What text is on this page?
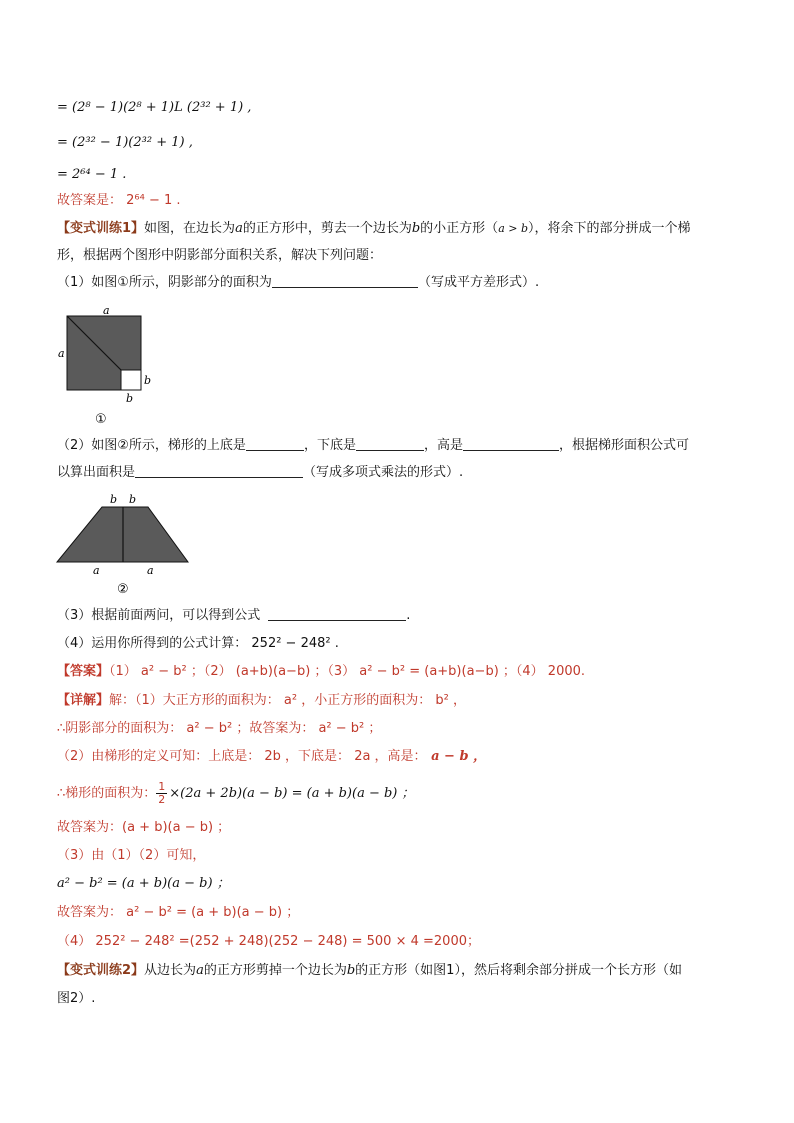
= (2⁸ − 1)(2⁸ + 1)L (2³² + 1) ,
= (2³² − 1)(2³² + 1) ,
= 2⁶⁴ − 1 .
故答案是： 2⁶⁴ − 1 .
【变式训练1】如图，在边长为a的正方形中，剪去一个边长为b的小正方形（a > b），将余下的部分拼成一个梯
形，根据两个图形中阴影部分面积关系，解决下列问题：
（1）如图①所示，阴影部分的面积为	（写成平方差形式）.
a
a
b
b
①
（2）如图②所示，梯形的上底是	，下底是	，高是	，根据梯形面积公式可
以算出面积是	（写成多项式乘法的形式）.
b b
a	a
②
（3）根据前面两问，可以得到公式	.
（4）运用你所得到的公式计算： 252² − 248² .
【答案】（1） a² − b² ；（2） (a+b)(a−b) ；（3） a² − b² = (a+b)(a−b) ；（4） 2000.
【详解】解：（1）大正方形的面积为： a² ，小正方形的面积为： b² ，
∴阴影部分的面积为： a² − b² ；故答案为： a² − b² ；
（2）由梯形的定义可知：上底是： 2b ，下底是： 2a ，高是： a − b ，
∴梯形的面积为： $\frac{1}{2} \times(2a + 2b)(a - b) = (a + b)(a - b)$ ；
故答案为：(a + b)(a − b) ；
（3）由（1）（2）可知，
a² − b² = (a + b)(a − b) ；
故答案为： a² − b² = (a + b)(a − b) ；
（4） 252² − 248² =(252 + 248)(252 − 248) = 500 × 4 =2000；
【变式训练2】从边长为a的正方形剪掉一个边长为b的正方形（如图1），然后将剩余部分拼成一个长方形（如
图2）.
